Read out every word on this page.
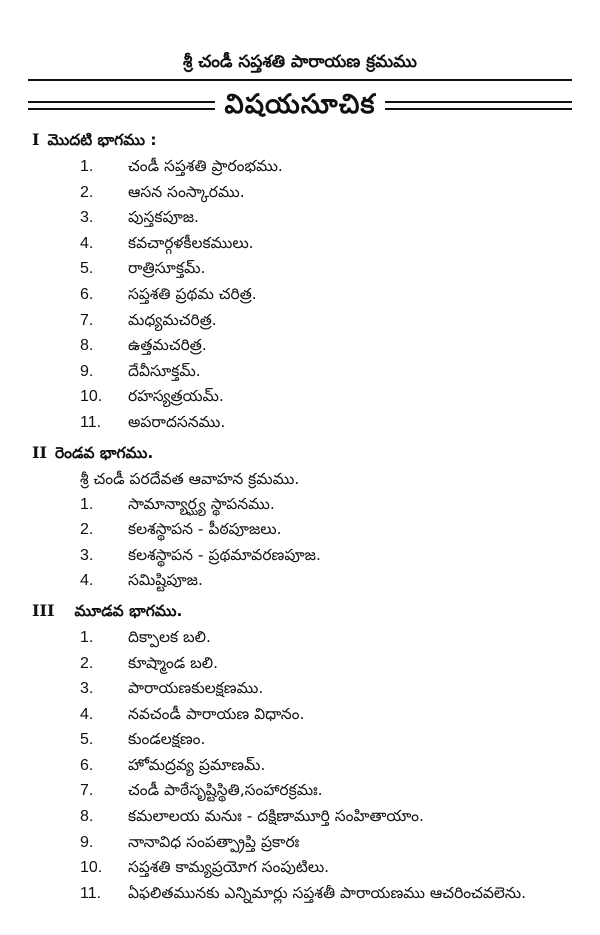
శ్రీ చండీ సప్తశతి పారాయణ క్రమము
విషయసూచిక
I మొదటి భాగము :
1.	చండీ సప్తశతి ప్రారంభము.
2.	ఆసన సంస్కారము.
3.	పుస్తకపూజ.
4.	కవచార్గళకీలకములు.
5.	రాత్రిసూక్తమ్.
6.	సప్తశతి ప్రథమ చరిత్ర.
7.	మధ్యమచరిత్ర.
8.	ఉత్తమచరిత్ర.
9.	దేవీసూక్తమ్.
10.	రహస్యత్రయమ్.
11.	అపరాదసనము.
II రెండవ భాగము.
శ్రీ చండీ పరదేవత ఆవాహన క్రమము.
1.	సామాన్యార్ఘ్య స్థాపనము.
2.	కలశస్థాపన - పీఠపూజలు.
3.	కలశస్థాపన - ప్రథమావరణపూజ.
4.	సమిష్టిపూజ.
III మూడవ భాగము.
1.	దిక్పాలక బలి.
2.	కూష్మాండ బలి.
3.	పారాయణకులక్షణము.
4.	నవచండీ పారాయణ విధానం.
5.	కుండలక్షణం.
6.	హోమద్రవ్య ప్రమాణమ్.
7.	చండీ పాఠేసృష్టిస్థితి,సంహారక్రమః.
8.	కమలాలయ మనుః - దక్షిణామూర్తి సంహితాయాం.
9.	నానావిధ సంపత్ప్రాప్తి ప్రకారః
10.	సప్తశతి కామ్యప్రయోగ సంపుటిలు.
11.	ఏఫలితమునకు ఎన్నిమార్లు సప్తశతీ పారాయణము ఆచరించవలెను.
